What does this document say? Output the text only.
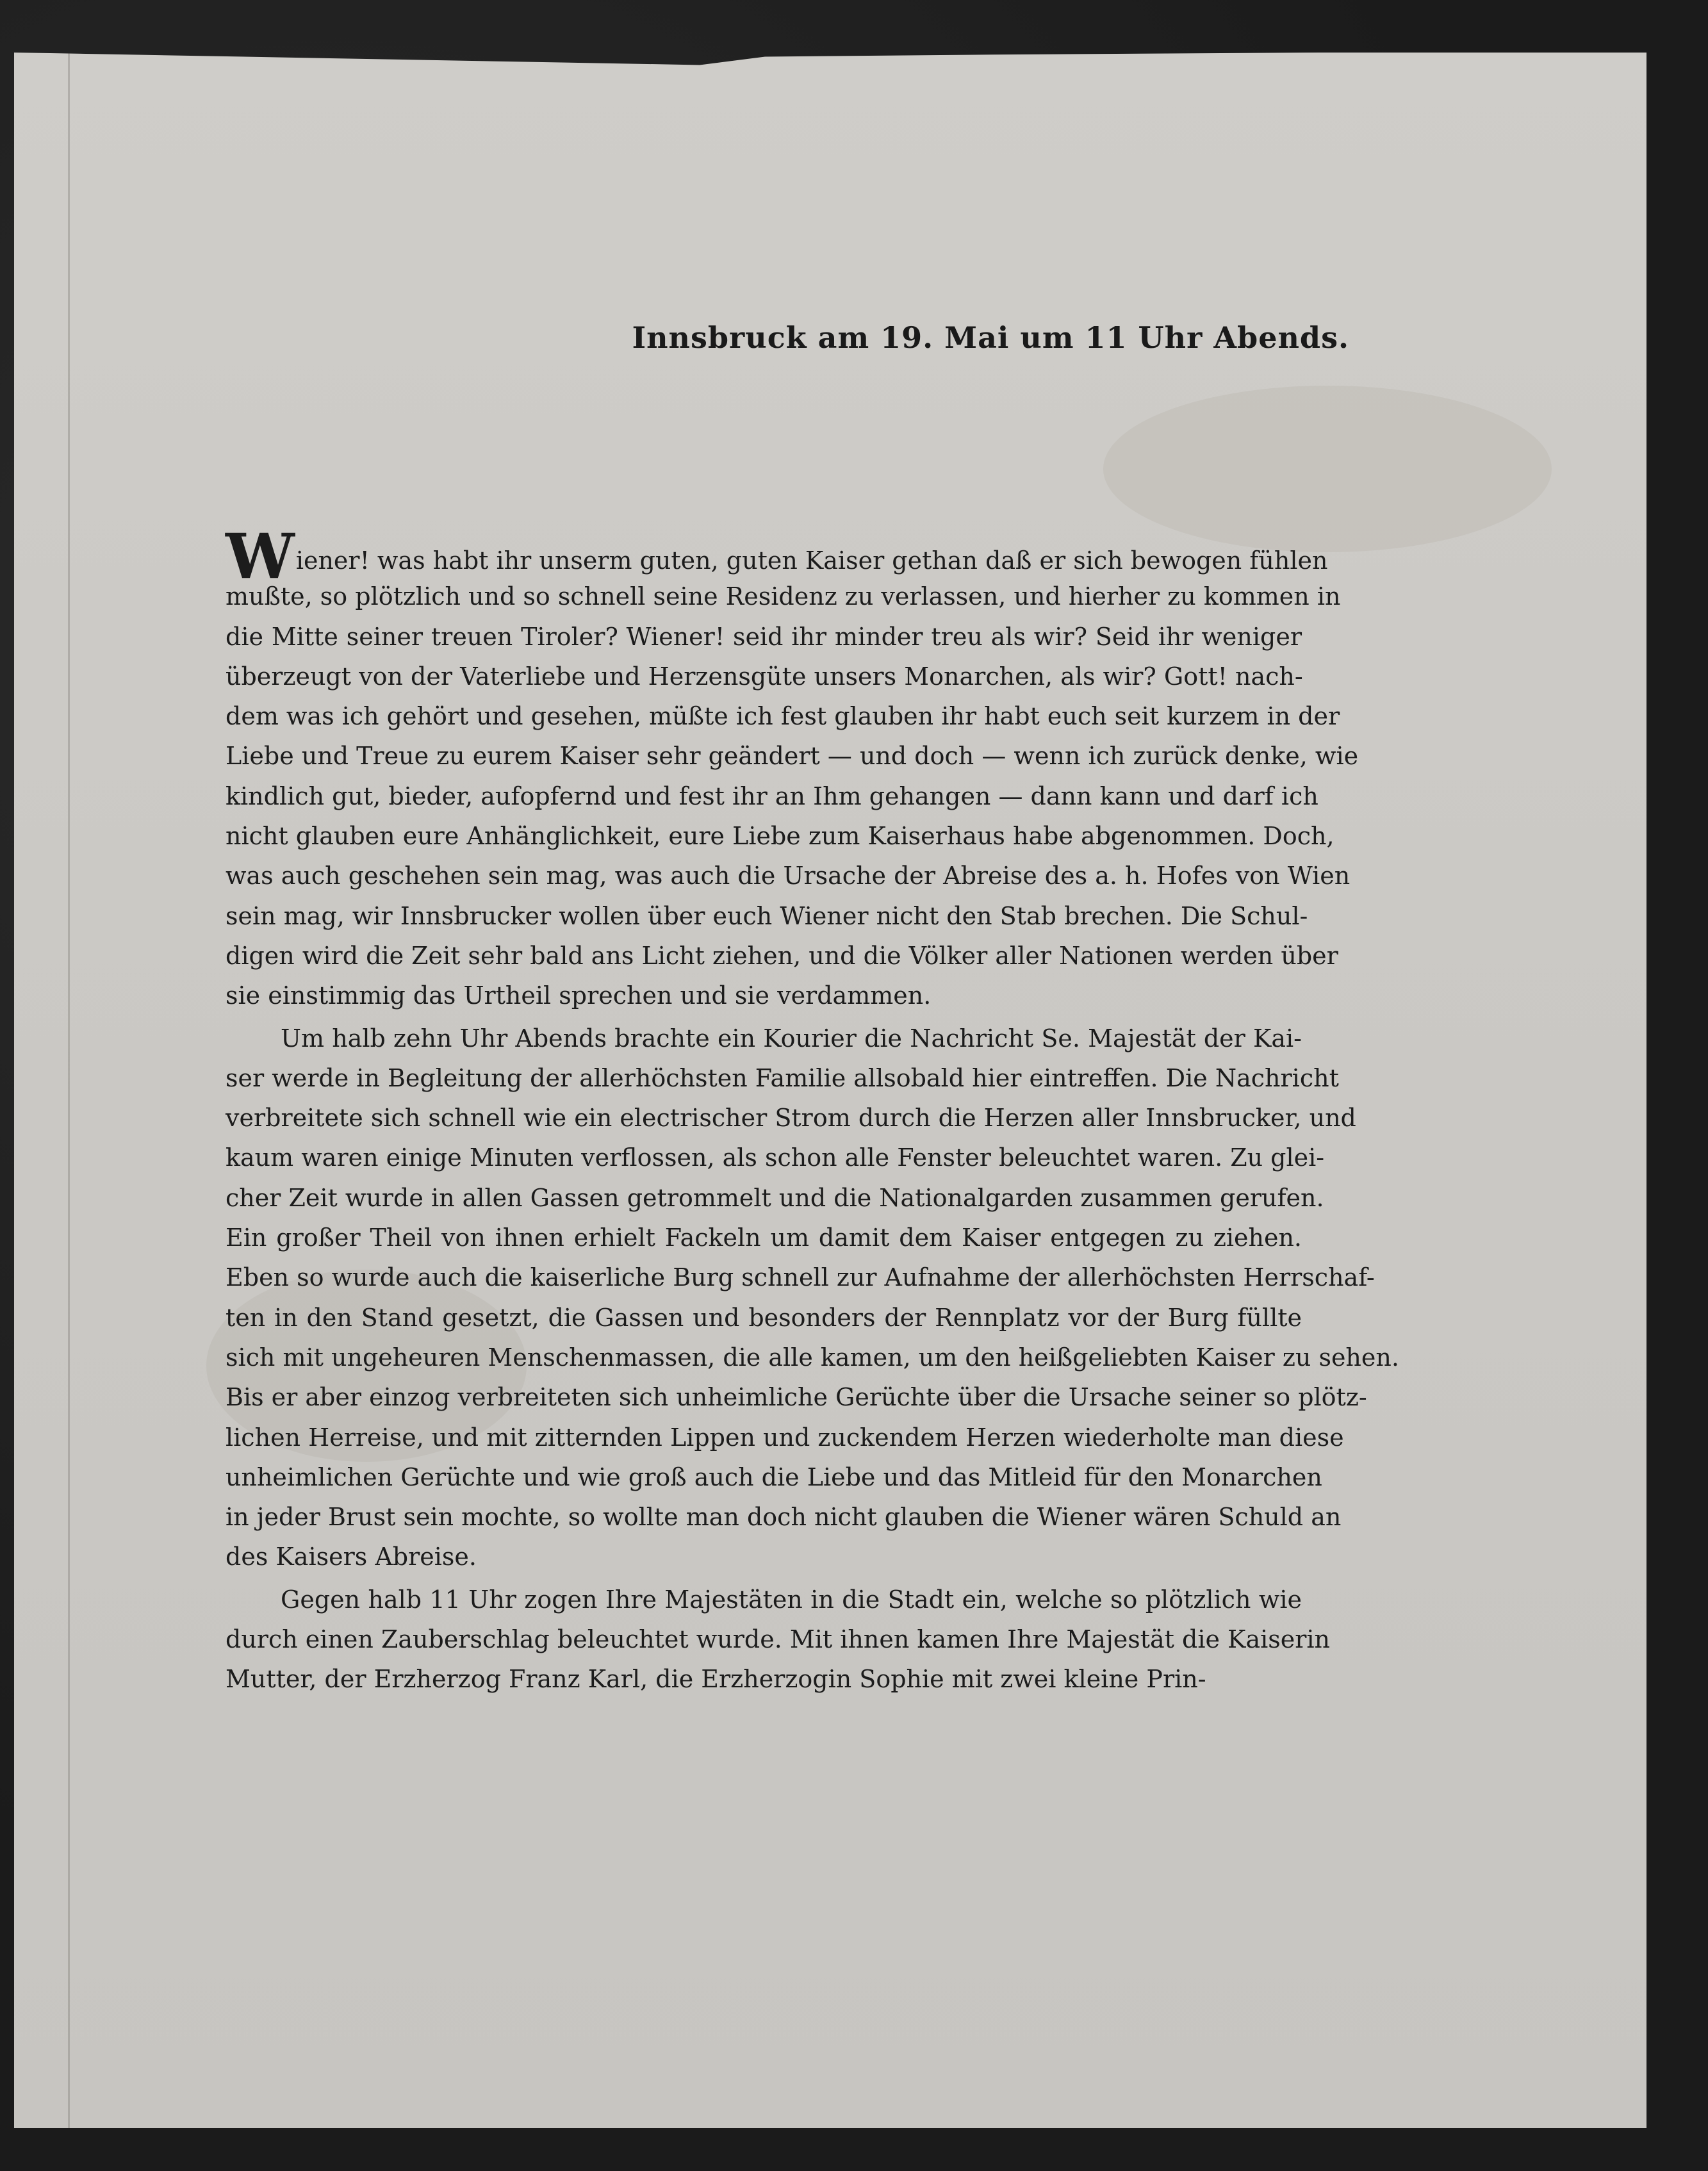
Innsbruck am 19. Mai um 11 Uhr Abends.
Wiener! was habt ihr unserm guten, guten Kaiser gethan daß er sich bewogen fühlen
mußte, so plötzlich und so schnell seine Residenz zu verlassen, und hierher zu kommen in
die Mitte seiner treuen Tiroler? Wiener! seid ihr minder treu als wir? Seid ihr weniger
überzeugt von der Vaterliebe und Herzensgüte unsers Monarchen, als wir? Gott! nach-
dem was ich gehört und gesehen, müßte ich fest glauben ihr habt euch seit kurzem in der
Liebe und Treue zu eurem Kaiser sehr geändert — und doch — wenn ich zurück denke, wie
kindlich gut, bieder, aufopfernd und fest ihr an Ihm gehangen — dann kann und darf ich
nicht glauben eure Anhänglichkeit, eure Liebe zum Kaiserhaus habe abgenommen. Doch,
was auch geschehen sein mag, was auch die Ursache der Abreise des a. h. Hofes von Wien
sein mag, wir Innsbrucker wollen über euch Wiener nicht den Stab brechen. Die Schul-
digen wird die Zeit sehr bald ans Licht ziehen, und die Völker aller Nationen werden über
sie einstimmig das Urtheil sprechen und sie verdammen.
Um halb zehn Uhr Abends brachte ein Kourier die Nachricht Se. Majestät der Kai-
ser werde in Begleitung der allerhöchsten Familie allsobald hier eintreffen. Die Nachricht
verbreitete sich schnell wie ein electrischer Strom durch die Herzen aller Innsbrucker, und
kaum waren einige Minuten verflossen, als schon alle Fenster beleuchtet waren. Zu glei-
cher Zeit wurde in allen Gassen getrommelt und die Nationalgarden zusammen gerufen.
Ein großer Theil von ihnen erhielt Fackeln um damit dem Kaiser entgegen zu ziehen.
Eben so wurde auch die kaiserliche Burg schnell zur Aufnahme der allerhöchsten Herrschaf-
ten in den Stand gesetzt, die Gassen und besonders der Rennplatz vor der Burg füllte
sich mit ungeheuren Menschenmassen, die alle kamen, um den heißgeliebten Kaiser zu sehen.
Bis er aber einzog verbreiteten sich unheimliche Gerüchte über die Ursache seiner so plötz-
lichen Herreise, und mit zitternden Lippen und zuckendem Herzen wiederholte man diese
unheimlichen Gerüchte und wie groß auch die Liebe und das Mitleid für den Monarchen
in jeder Brust sein mochte, so wollte man doch nicht glauben die Wiener wären Schuld an
des Kaisers Abreise.
Gegen halb 11 Uhr zogen Ihre Majestäten in die Stadt ein, welche so plötzlich wie
durch einen Zauberschlag beleuchtet wurde. Mit ihnen kamen Ihre Majestät die Kaiserin
Mutter, der Erzherzog Franz Karl, die Erzherzogin Sophie mit zwei kleine Prin-
